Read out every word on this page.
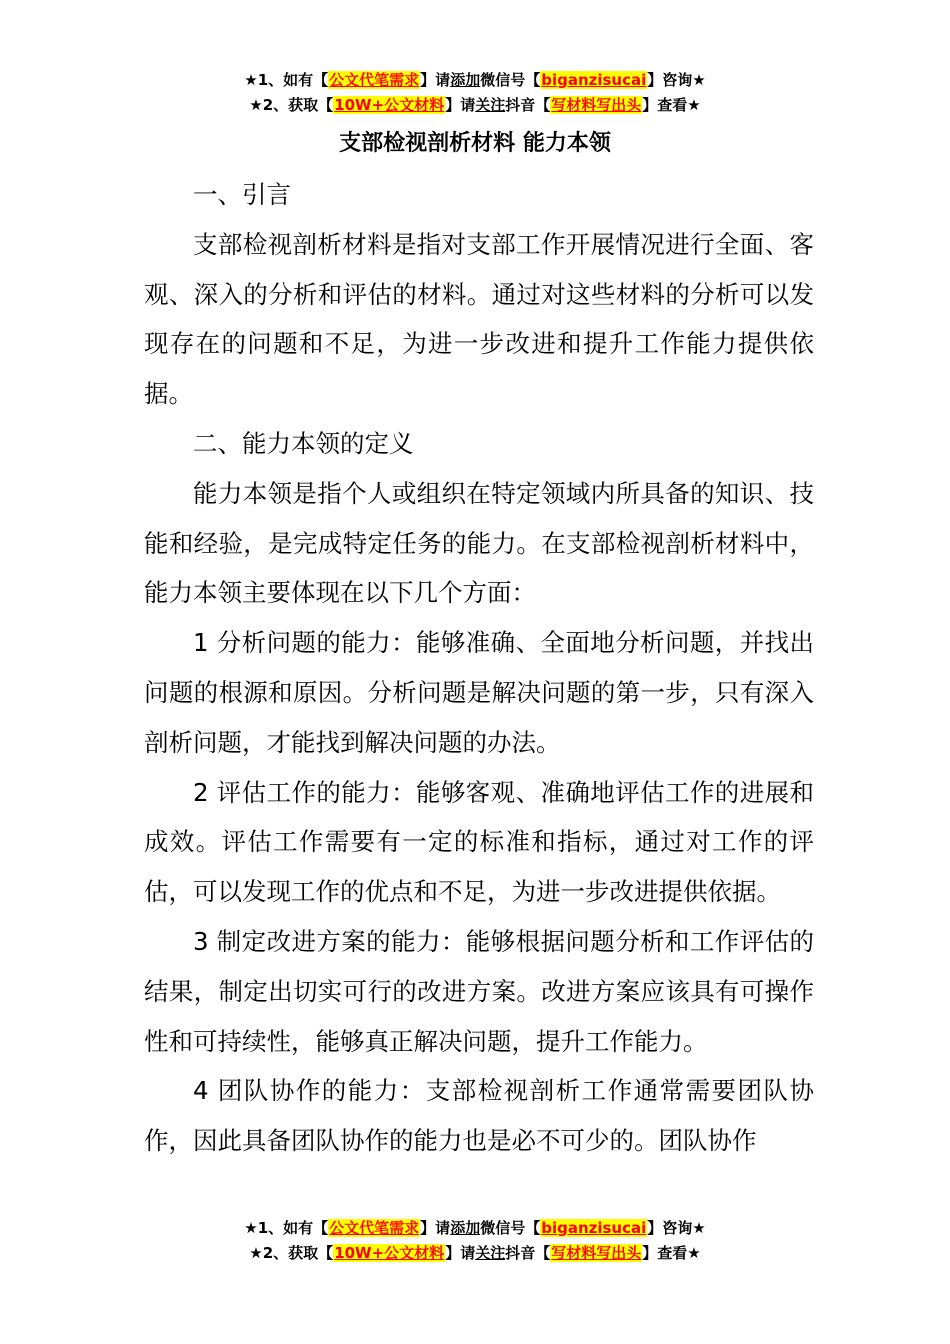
★1、如有【公文代笔需求】请添加微信号【biganzisucai】咨询★
★2、获取【10W+公文材料】请关注抖音【写材料写出头】查看★
支部检视剖析材料 能力本领

一、引言

支部检视剖析材料是指对支部工作开展情况进行全面、客观、深入的分析和评估的材料。通过对这些材料的分析可以发现存在的问题和不足，为进一步改进和提升工作能力提供依据。

二、能力本领的定义

能力本领是指个人或组织在特定领域内所具备的知识、技能和经验，是完成特定任务的能力。在支部检视剖析材料中，能力本领主要体现在以下几个方面：

1 分析问题的能力：能够准确、全面地分析问题，并找出问题的根源和原因。分析问题是解决问题的第一步，只有深入剖析问题，才能找到解决问题的办法。

2 评估工作的能力：能够客观、准确地评估工作的进展和成效。评估工作需要有一定的标准和指标，通过对工作的评估，可以发现工作的优点和不足，为进一步改进提供依据。

3 制定改进方案的能力：能够根据问题分析和工作评估的结果，制定出切实可行的改进方案。改进方案应该具有可操作性和可持续性，能够真正解决问题，提升工作能力。

4 团队协作的能力：支部检视剖析工作通常需要团队协作，因此具备团队协作的能力也是必不可少的。团队协作

★1、如有【公文代笔需求】请添加微信号【biganzisucai】咨询★
★2、获取【10W+公文材料】请关注抖音【写材料写出头】查看★
